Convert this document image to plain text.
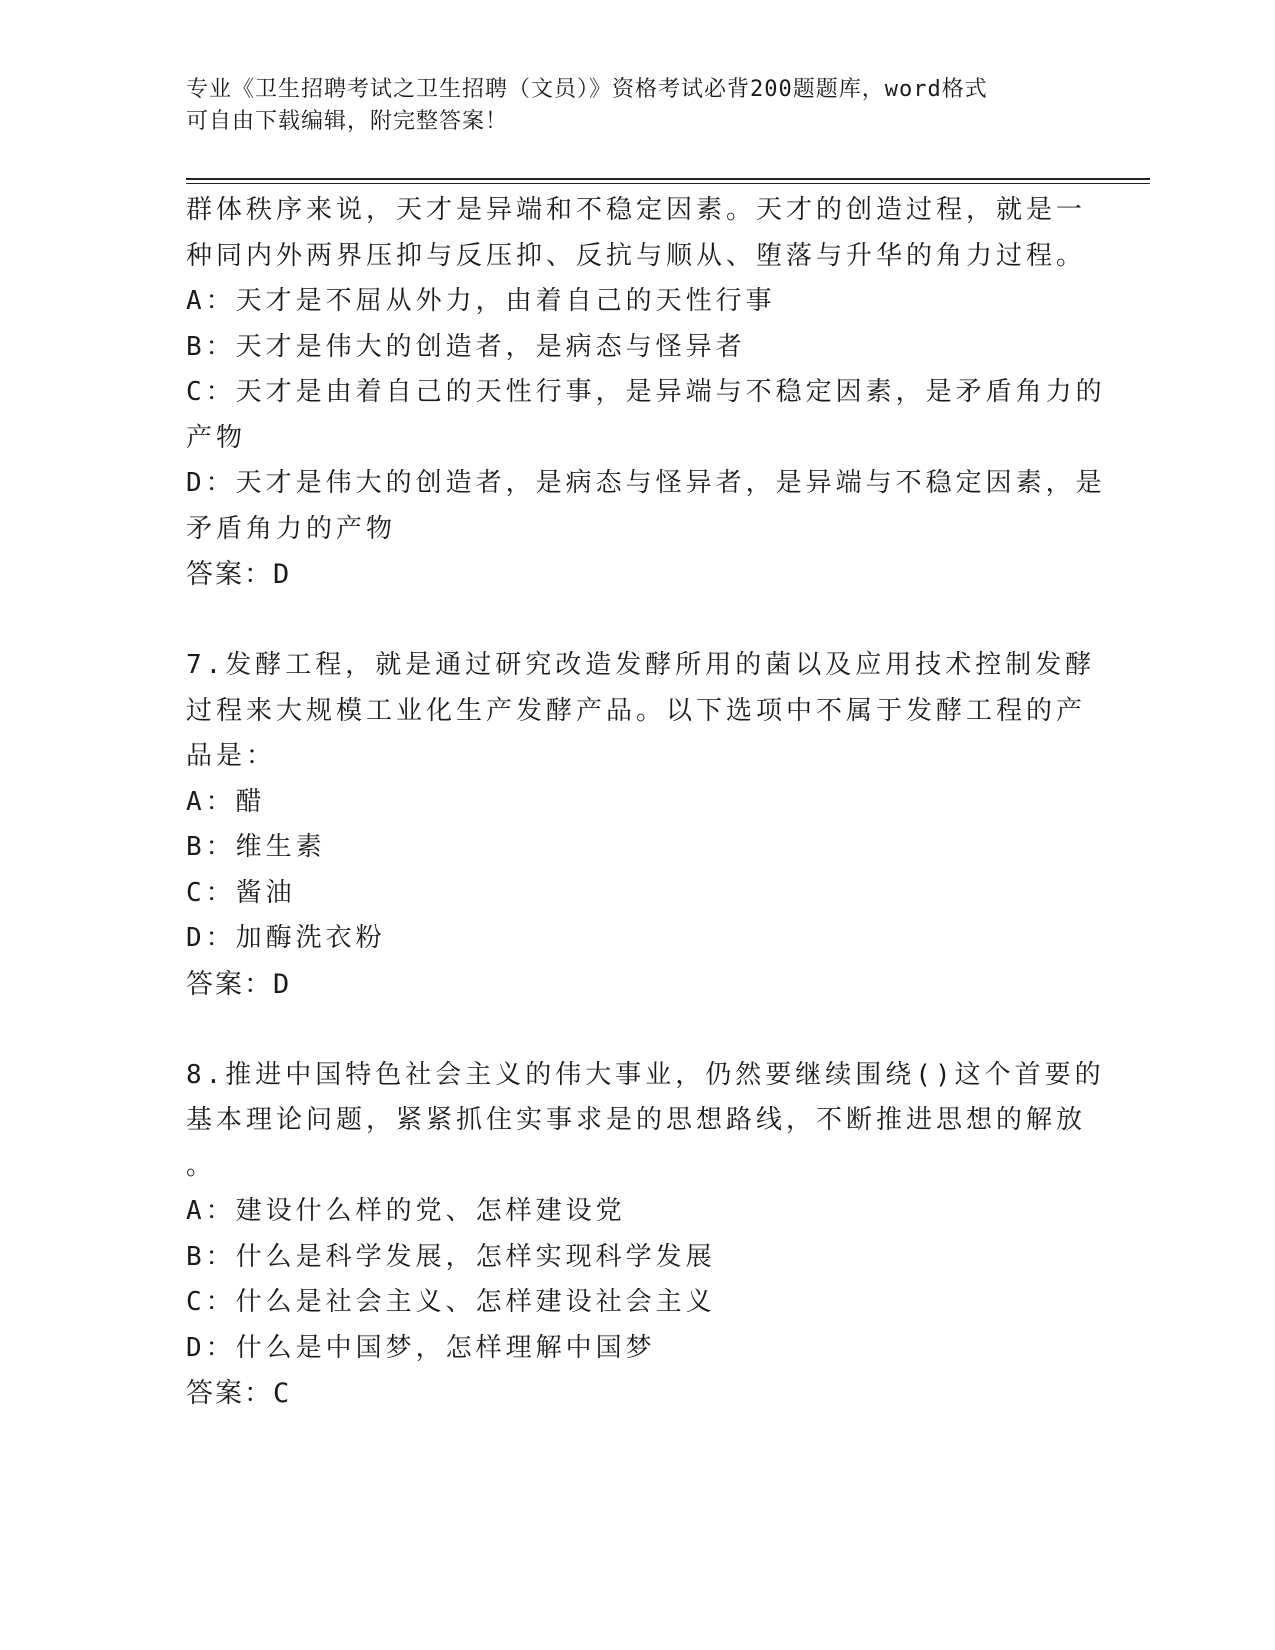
专业《卫生招聘考试之卫生招聘（文员）》资格考试必背200题题库，word格式
可自由下载编辑，附完整答案！
群体秩序来说，天才是异端和不稳定因素。天才的创造过程，就是一
种同内外两界压抑与反压抑、反抗与顺从、堕落与升华的角力过程。
A：天才是不屈从外力，由着自己的天性行事
B：天才是伟大的创造者，是病态与怪异者
C：天才是由着自己的天性行事，是异端与不稳定因素，是矛盾角力的
产物
D：天才是伟大的创造者，是病态与怪异者，是异端与不稳定因素，是
矛盾角力的产物
答案：D
7.发酵工程，就是通过研究改造发酵所用的菌以及应用技术控制发酵
过程来大规模工业化生产发酵产品。以下选项中不属于发酵工程的产
品是：
A：醋
B：维生素
C：酱油
D：加酶洗衣粉
答案：D
8.推进中国特色社会主义的伟大事业，仍然要继续围绕()这个首要的
基本理论问题，紧紧抓住实事求是的思想路线，不断推进思想的解放
。
A：建设什么样的党、怎样建设党
B：什么是科学发展，怎样实现科学发展
C：什么是社会主义、怎样建设社会主义
D：什么是中国梦，怎样理解中国梦
答案：C
